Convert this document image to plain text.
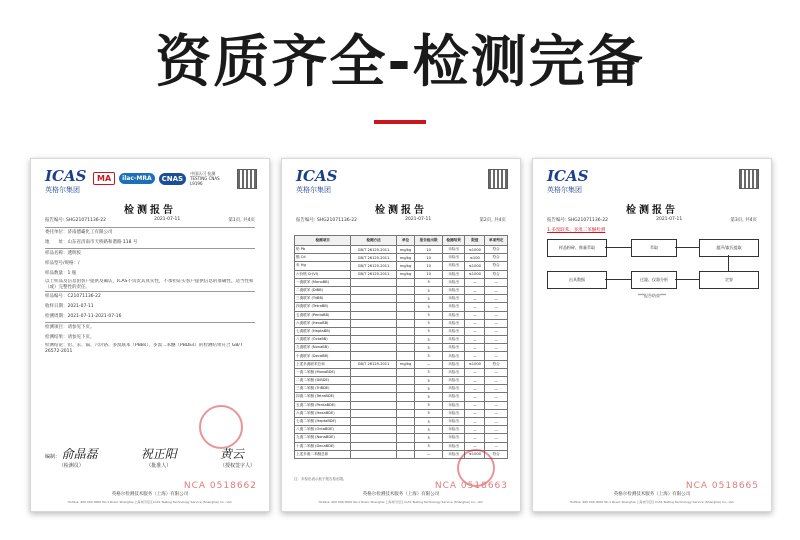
资质齐全-检测完备
ICAS
英格尔集团
MA	ilac-MRA	CNAS
中国认可 检测 TESTING CNAS L9196
检测报告
报告编号: SHG21071136-22	2021-07-11	第1页, 共4页
委托单位：济南德霸化工有限公司
地　　址：山东省济南市天桥路和谐路 118 号
样品名称：透明胶
样品型号/规格：/
样品数量：1 瓶
以上样品及信息由客户提供及确认，ICAS不负责其真实性，不承担证实客户提供信息的准确性、适当性和（或）完整性的责任。
样品编号：C21071136-22
收样日期：2021-07-11
检测周期：2021-07-11-2021-07-16
检测项目：请参见下页。
检测结果：请参见下页。
检测结论：铅、汞、镉、六价铬、多溴联苯（PBBs）、多溴二苯醚（PBDEs）的检测结果符合 GB/T 26572-2011
编制： 俞晶磊
（检测员）
祝正阳
（批准人）
黄云
（授权签字人）
NCA 0518662
英格尔检测技术服务（上海）有限公司
Hotline: 400 000 0000 No.1 Road, Shanghai 上海市闵行区 ICAS Testing Technology Service (Shanghai) Co., Ltd.
ICAS
英格尔集团
检测报告
报告编号: SHG21071136-22	2021-07-11	第2页, 共4页
检测项目	检测方法	单位	报告检出限	检测结果	限值	单项判定
铅 Pb	GB/T 26125-2011	mg/kg	10	未检出	≤1000	符合
镉 Cd	GB/T 26125-2011	mg/kg	10	未检出	≤100	符合
汞 Hg	GB/T 26125-2011	mg/kg	10	未检出	≤1000	符合
六价铬 Cr(VI)	GB/T 26125-2011	mg/kg	10	未检出	≤1000	符合
一溴联苯 (MonoBB)			5	未检出	—	—
二溴联苯 (DiBB)			5	未检出	—	—
三溴联苯 (TriBB)			5	未检出	—	—
四溴联苯 (TetraBB)			5	未检出	—	—
五溴联苯 (PentaBB)			5	未检出	—	—
六溴联苯 (HexaBB)			5	未检出	—	—
七溴联苯 (HeptaBB)			5	未检出	—	—
八溴联苯 (OctaBB)			5	未检出	—	—
九溴联苯 (NonaBB)			5	未检出	—	—
十溴联苯 (DecaBB)			5	未检出	—	—
上述多溴联苯总和	GB/T 26125-2011	mg/kg	—	未检出	≤1000	符合
一溴二苯醚 (MonoBDE)			5	未检出	—	—
二溴二苯醚 (DiBDE)			5	未检出	—	—
三溴二苯醚 (TriBDE)			5	未检出	—	—
四溴二苯醚 (TetraBDE)			5	未检出	—	—
五溴二苯醚 (PentaBDE)			5	未检出	—	—
六溴二苯醚 (HexaBDE)			5	未检出	—	—
七溴二苯醚 (HeptaBDE)			5	未检出	—	—
八溴二苯醚 (OctaBDE)			5	未检出	—	—
九溴二苯醚 (NonaBDE)			5	未检出	—	—
十溴二苯醚 (DecaBDE)			5	未检出	—	—
上述多溴二苯醚总和			—	未检出	≤1000	符合
注：未检出表示低于报告检出限。
NCA 0518663
英格尔检测技术服务（上海）有限公司
Hotline: 400 000 0000 No.1 Road, Shanghai 上海市闵行区 ICAS Testing Technology Service (Shanghai) Co., Ltd.
ICAS
英格尔集团
检测报告
报告编号: SHG21071136-22	2021-07-11	第3页, 共4页
1.多溴联苯、多溴二苯醚检测
样品粉碎、称量萃取	萃取	超声/索氏提取
出具数据	过滤、仪器分析	定容
***报告结束***
NCA 0518665
英格尔检测技术服务（上海）有限公司
Hotline: 400 000 0000 No.1 Road, Shanghai 上海市闵行区 ICAS Testing Technology Service (Shanghai) Co., Ltd.
